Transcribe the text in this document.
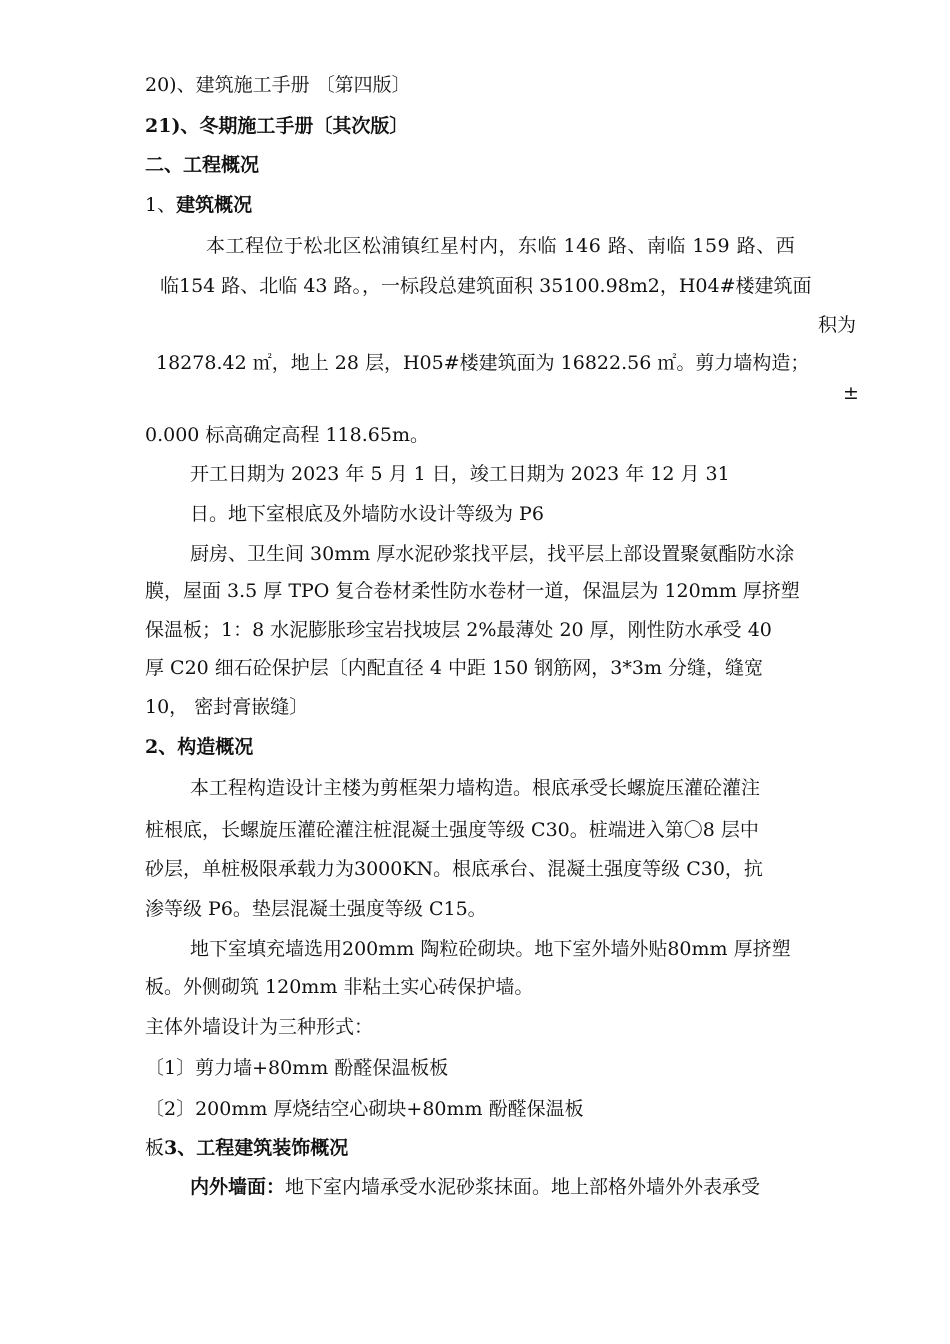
20)、建筑施工手册 〔第四版〕
21)、冬期施工手册〔其次版〕
二、工程概况
1、建筑概况
本工程位于松北区松浦镇红星村内，东临 146 路、南临 159 路、西
临154 路、北临 43 路。，一标段总建筑面积 35100.98m2，H04#楼建筑面
积为
18278.42 ㎡，地上 28 层，H05#楼建筑面为 16822.56 ㎡。剪力墙构造；
±
0.000 标高确定高程 118.65m。
开工日期为 2023 年 5 月 1 日，竣工日期为 2023 年 12 月 31
日。地下室根底及外墙防水设计等级为 P6
厨房、卫生间 30mm 厚水泥砂浆找平层，找平层上部设置聚氨酯防水涂
膜，屋面 3.5 厚 TPO 复合卷材柔性防水卷材一道，保温层为 120mm 厚挤塑
保温板；1：8 水泥膨胀珍宝岩找坡层 2%最薄处 20 厚，刚性防水承受 40
厚 C20 细石砼保护层〔内配直径 4 中距 150 钢筋网，3*3m 分缝，缝宽
10， 密封膏嵌缝〕
2、构造概况
本工程构造设计主楼为剪框架力墙构造。根底承受长螺旋压灌砼灌注
桩根底，长螺旋压灌砼灌注桩混凝土强度等级 C30。桩端进入第〇8 层中
砂层，单桩极限承载力为3000KN。根底承台、混凝土强度等级 C30，抗
渗等级 P6。垫层混凝土强度等级 C15。
地下室填充墙选用200mm 陶粒砼砌块。地下室外墙外贴80mm 厚挤塑
板。外侧砌筑 120mm 非粘土实心砖保护墙。
主体外墙设计为三种形式：
〔1〕剪力墙+80mm 酚醛保温板板
〔2〕200mm 厚烧结空心砌块+80mm 酚醛保温板
板3、工程建筑装饰概况
内外墙面：地下室内墙承受水泥砂浆抹面。地上部格外墙外外表承受
